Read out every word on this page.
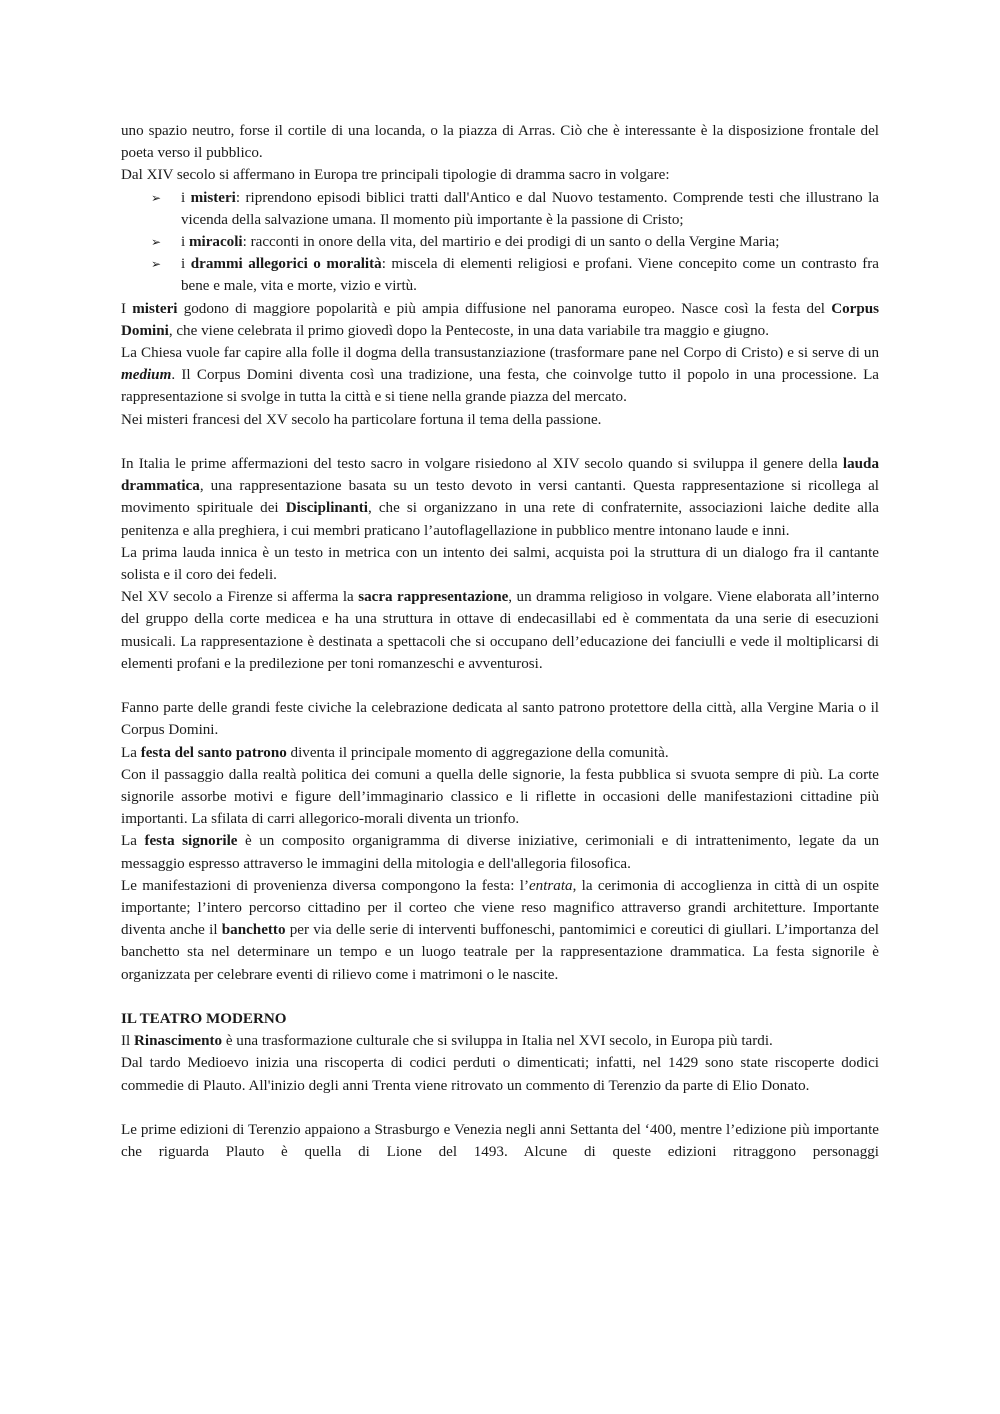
uno spazio neutro, forse il cortile di una locanda, o la piazza di Arras. Ciò che è interessante è la disposizione frontale del poeta verso il pubblico.

Dal XIV secolo si affermano in Europa tre principali tipologie di dramma sacro in volgare:

➢ i misteri: riprendono episodi biblici tratti dall'Antico e dal Nuovo testamento. Comprende testi che illustrano la vicenda della salvazione umana. Il momento più importante è la passione di Cristo;
➢ i miracoli: racconti in onore della vita, del martirio e dei prodigi di un santo o della Vergine Maria;
➢ i drammi allegorici o moralità: miscela di elementi religiosi e profani. Viene concepito come un contrasto fra bene e male, vita e morte, vizio e virtù.

I misteri godono di maggiore popolarità e più ampia diffusione nel panorama europeo. Nasce così la festa del Corpus Domini, che viene celebrata il primo giovedì dopo la Pentecoste, in una data variabile tra maggio e giugno.

La Chiesa vuole far capire alla folle il dogma della transustanziazione (trasformare pane nel Corpo di Cristo) e si serve di un medium. Il Corpus Domini diventa così una tradizione, una festa, che coinvolge tutto il popolo in una processione. La rappresentazione si svolge in tutta la città e si tiene nella grande piazza del mercato.

Nei misteri francesi del XV secolo ha particolare fortuna il tema della passione.

In Italia le prime affermazioni del testo sacro in volgare risiedono al XIV secolo quando si sviluppa il genere della lauda drammatica, una rappresentazione basata su un testo devoto in versi cantanti. Questa rappresentazione si ricollega al movimento spirituale dei Disciplinanti, che si organizzano in una rete di confraternite, associazioni laiche dedite alla penitenza e alla preghiera, i cui membri praticano l’autoflagellazione in pubblico mentre intonano laude e inni.

La prima lauda innica è un testo in metrica con un intento dei salmi, acquista poi la struttura di un dialogo fra il cantante solista e il coro dei fedeli.

Nel XV secolo a Firenze si afferma la sacra rappresentazione, un dramma religioso in volgare. Viene elaborata all’interno del gruppo della corte medicea e ha una struttura in ottave di endecasillabi ed è commentata da una serie di esecuzioni musicali. La rappresentazione è destinata a spettacoli che si occupano dell’educazione dei fanciulli e vede il moltiplicarsi di elementi profani e la predilezione per toni romanzeschi e avventurosi.

Fanno parte delle grandi feste civiche la celebrazione dedicata al santo patrono protettore della città, alla Vergine Maria o il Corpus Domini.

La festa del santo patrono diventa il principale momento di aggregazione della comunità.

Con il passaggio dalla realtà politica dei comuni a quella delle signorie, la festa pubblica si svuota sempre di più. La corte signorile assorbe motivi e figure dell’immaginario classico e li riflette in occasioni delle manifestazioni cittadine più importanti. La sfilata di carri allegorico-morali diventa un trionfo.

La festa signorile è un composito organigramma di diverse iniziative, cerimoniali e di intrattenimento, legate da un messaggio espresso attraverso le immagini della mitologia e dell'allegoria filosofica.

Le manifestazioni di provenienza diversa compongono la festa: l’entrata, la cerimonia di accoglienza in città di un ospite importante; l’intero percorso cittadino per il corteo che viene reso magnifico attraverso grandi architetture. Importante diventa anche il banchetto per via delle serie di interventi buffoneschi, pantomimici e coreutici di giullari. L’importanza del banchetto sta nel determinare un tempo e un luogo teatrale per la rappresentazione drammatica. La festa signorile è organizzata per celebrare eventi di rilievo come i matrimoni o le nascite.

IL TEATRO MODERNO

Il Rinascimento è una trasformazione culturale che si sviluppa in Italia nel XVI secolo, in Europa più tardi.

Dal tardo Medioevo inizia una riscoperta di codici perduti o dimenticati; infatti, nel 1429 sono state riscoperte dodici commedie di Plauto. All'inizio degli anni Trenta viene ritrovato un commento di Terenzio da parte di Elio Donato.

Le prime edizioni di Terenzio appaiono a Strasburgo e Venezia negli anni Settanta del ‘400, mentre l’edizione più importante che riguarda Plauto è quella di Lione del 1493. Alcune di queste edizioni ritraggono personaggi
